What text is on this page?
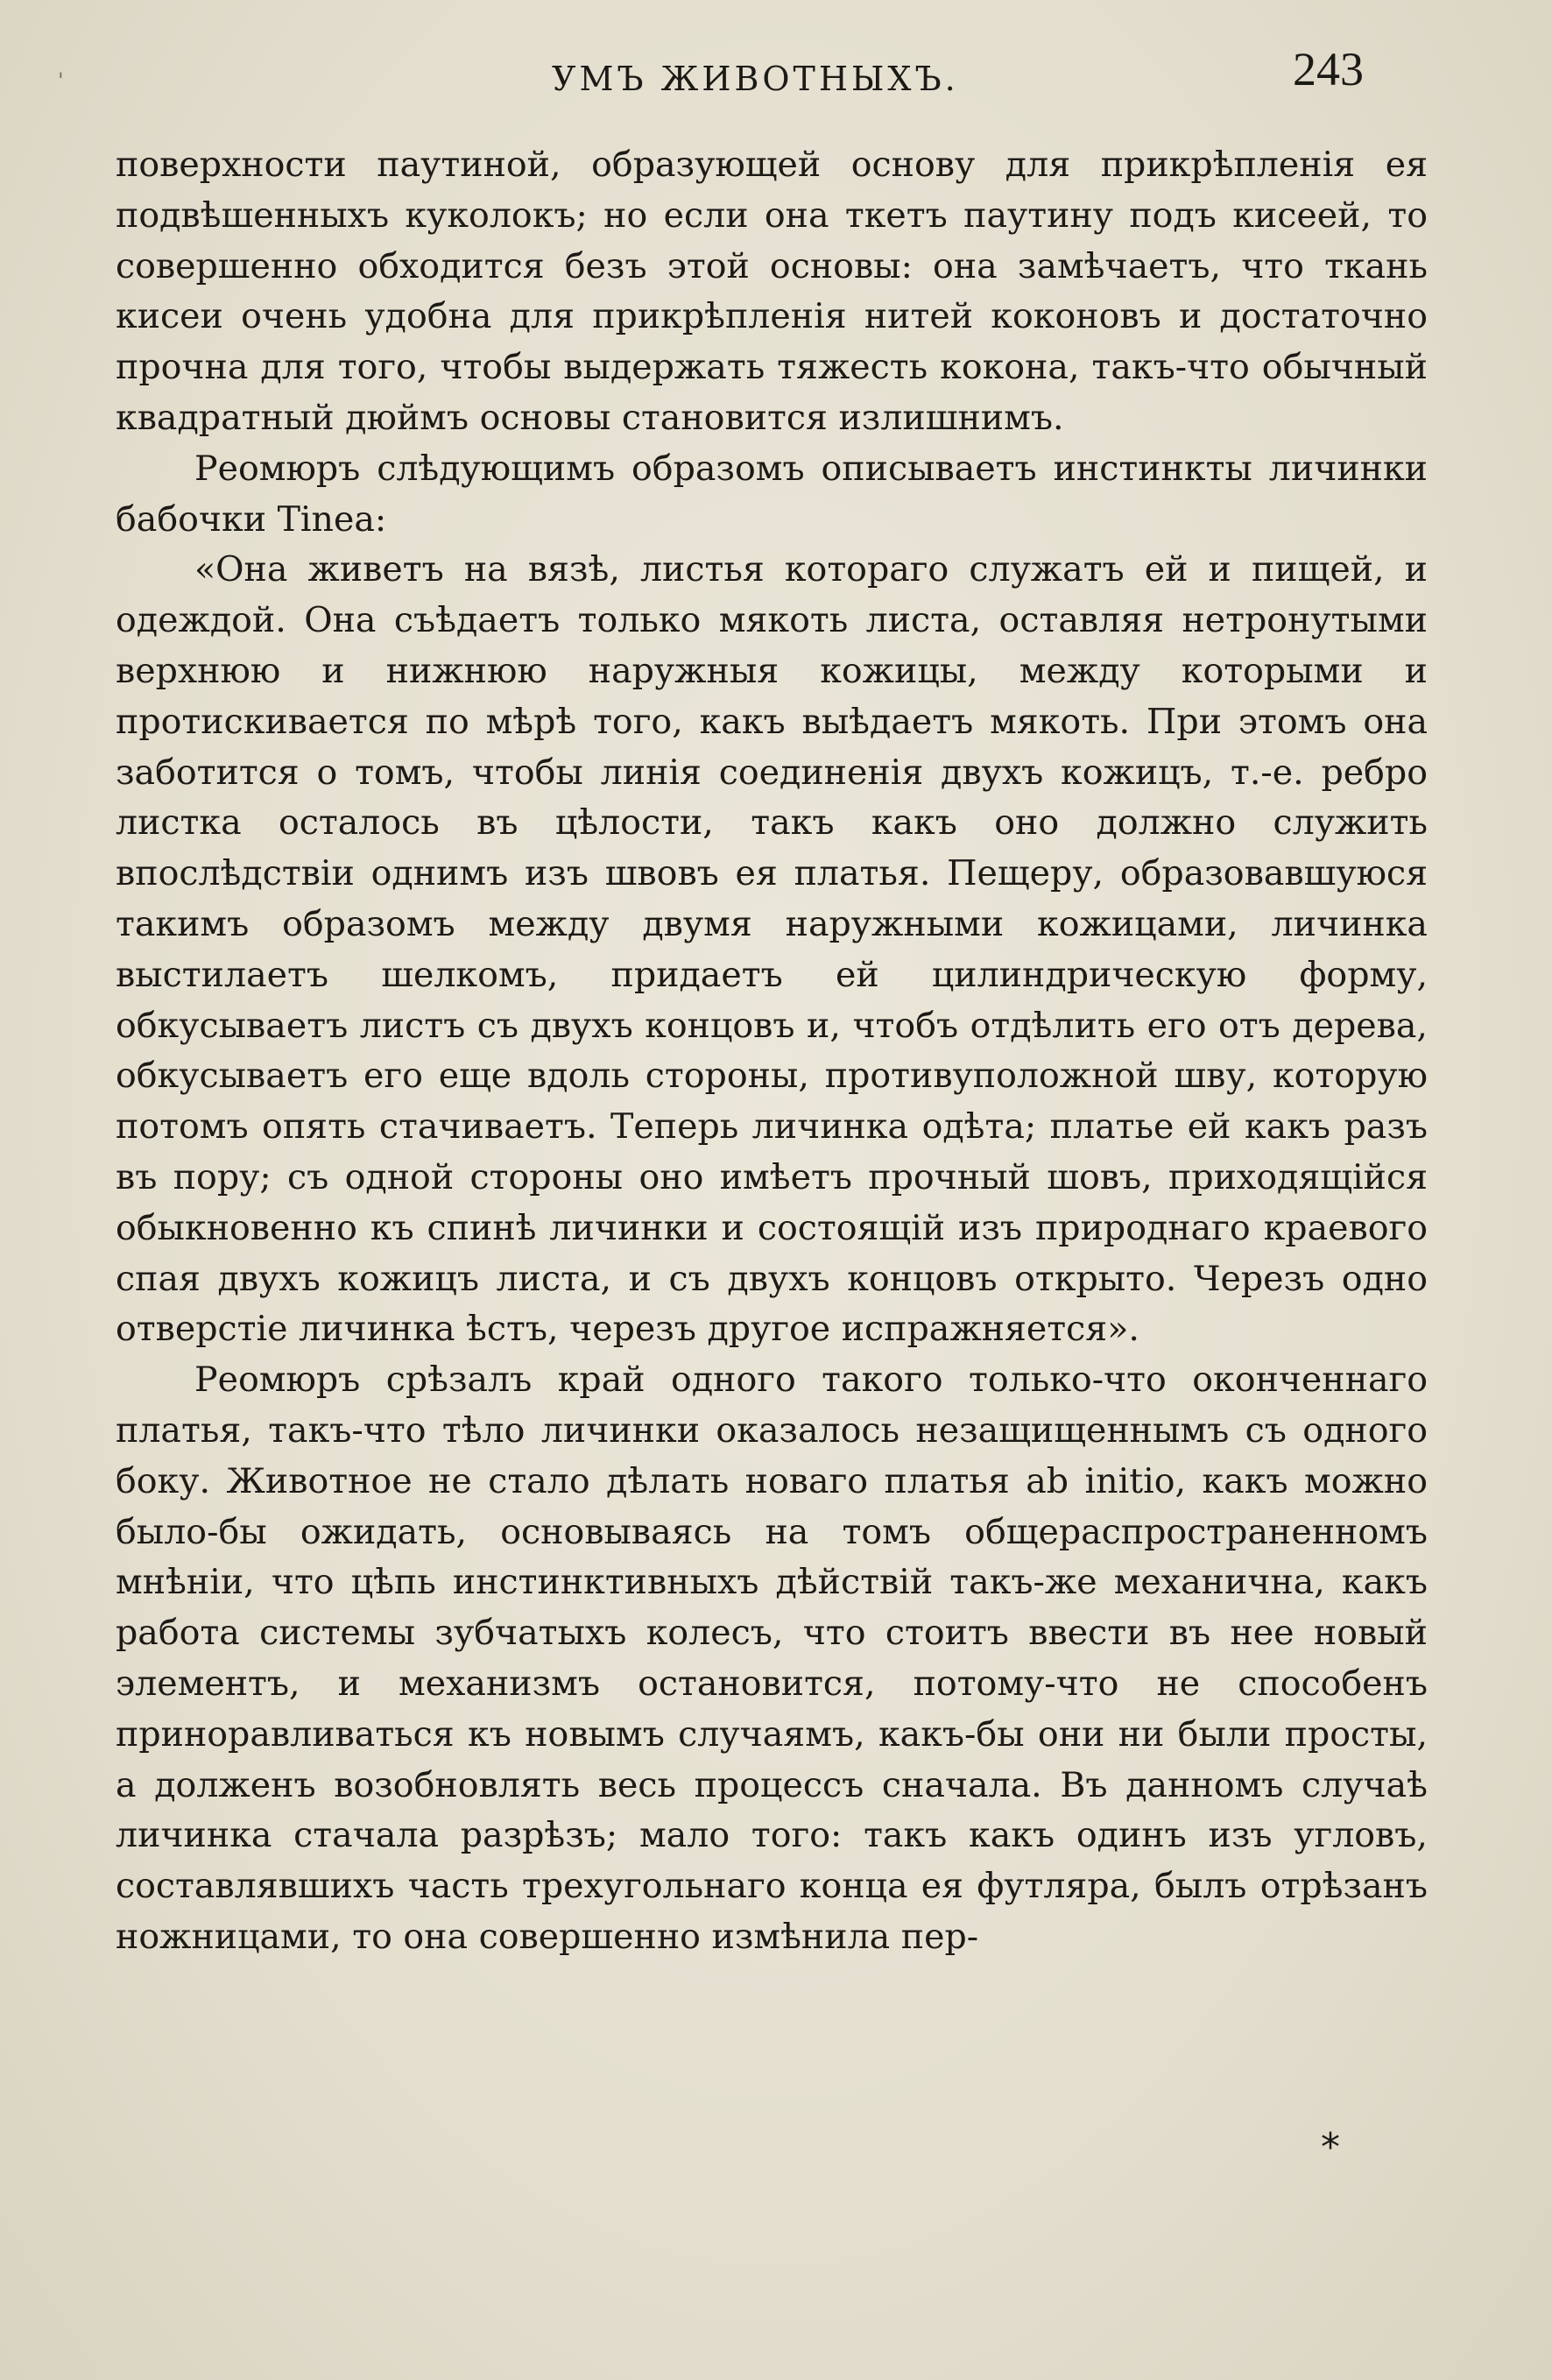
'	УМЪ ЖИВОТНЫХЪ.	243

поверхности паутиной, образующей основу для прикрѣпленія ея подвѣшенныхъ куколокъ; но если она ткетъ паутину подъ кисеей, то совершенно обходится безъ этой основы: она замѣчаетъ, что ткань кисеи очень удобна для прикрѣпленія нитей коконовъ и достаточно прочна для того, чтобы выдержать тяжесть кокона, такъ-что обычный квадратный дюймъ основы становится излишнимъ.

Реомюръ слѣдующимъ образомъ описываетъ инстинкты личинки бабочки Tinea:

«Она живетъ на вязѣ, листья котораго служатъ ей и пищей, и одеждой. Она съѣдаетъ только мякоть листа, оставляя нетронутыми верхнюю и нижнюю наружныя кожицы, между которыми и протискивается по мѣрѣ того, какъ выѣдаетъ мякоть. При этомъ она заботится о томъ, чтобы линія соединенія двухъ кожицъ, т.-е. ребро листка осталось въ цѣлости, такъ какъ оно должно служить впослѣдствіи однимъ изъ швовъ ея платья. Пещеру, образовавшуюся такимъ образомъ между двумя наружными кожицами, личинка выстилаетъ шелкомъ, придаетъ ей цилиндрическую форму, обкусываетъ листъ съ двухъ концовъ и, чтобъ отдѣлить его отъ дерева, обкусываетъ его еще вдоль стороны, противуположной шву, которую потомъ опять стачиваетъ. Теперь личинка одѣта; платье ей какъ разъ въ пору; съ одной стороны оно имѣетъ прочный шовъ, приходящійся обыкновенно къ спинѣ личинки и состоящій изъ природнаго краевого спая двухъ кожицъ листа, и съ двухъ концовъ открыто. Черезъ одно отверстіе личинка ѣстъ, черезъ другое испражняется».

Реомюръ срѣзалъ край одного такого только-что оконченнаго платья, такъ-что тѣло личинки оказалось незащищеннымъ съ одного боку. Животное не стало дѣлать новаго платья ab initio, какъ можно было-бы ожидать, основываясь на томъ общераспространенномъ мнѣніи, что цѣпь инстинктивныхъ дѣйствій такъ-же механична, какъ работа системы зубчатыхъ колесъ, что стоитъ ввести въ нее новый элементъ, и механизмъ остановится, потому-что не способенъ приноравливаться къ новымъ случаямъ, какъ-бы они ни были просты, а долженъ возобновлять весь процессъ сначала. Въ данномъ случаѣ личинка стачала разрѣзъ; мало того: такъ какъ одинъ изъ угловъ, составлявшихъ часть трехугольнаго конца ея футляра, былъ отрѣзанъ ножницами, то она совершенно измѣнила пер-

*
